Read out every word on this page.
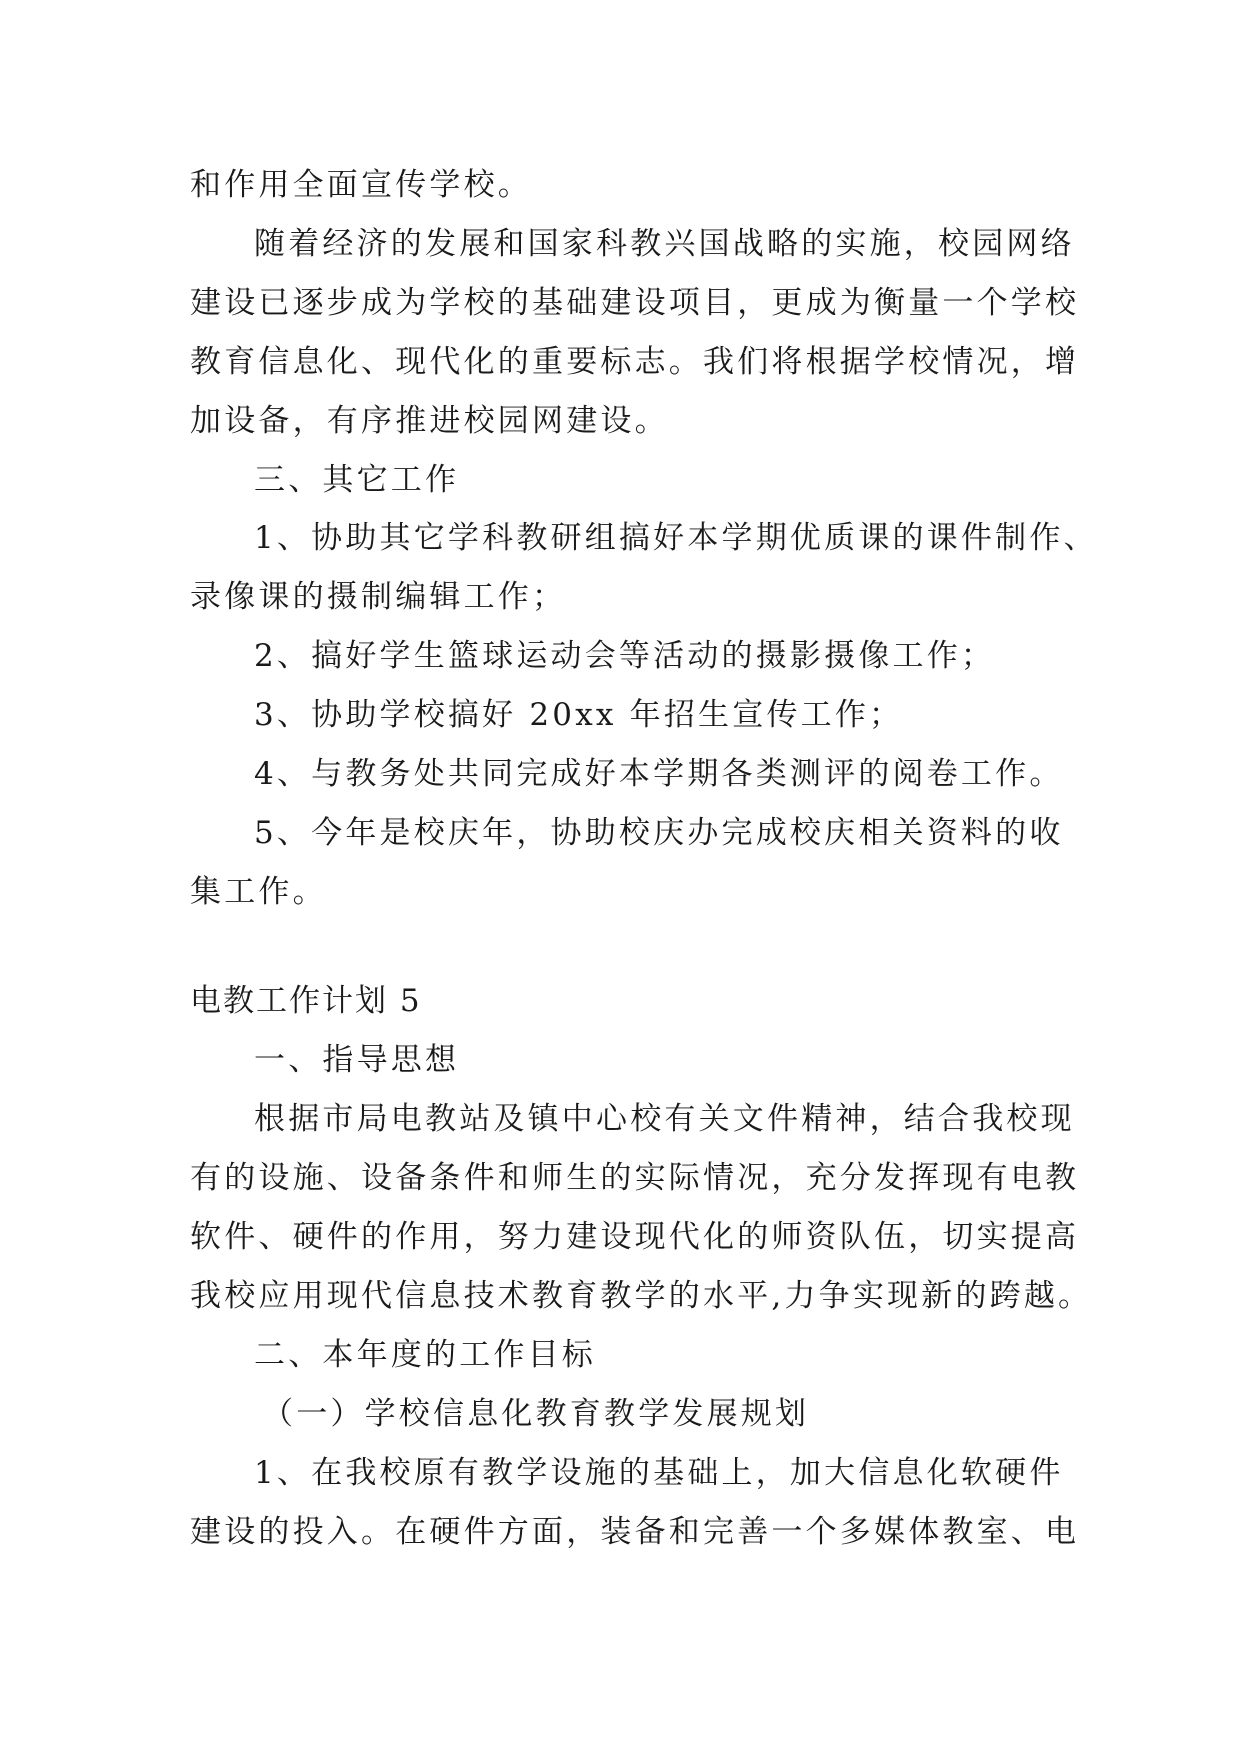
和作用全面宣传学校。

随着经济的发展和国家科教兴国战略的实施，校园网络

建设已逐步成为学校的基础建设项目，更成为衡量一个学校

教育信息化、现代化的重要标志。我们将根据学校情况，增

加设备，有序推进校园网建设。

三、其它工作

1、协助其它学科教研组搞好本学期优质课的课件制作、

录像课的摄制编辑工作；

2、搞好学生篮球运动会等活动的摄影摄像工作；

3、协助学校搞好 20xx 年招生宣传工作；

4、与教务处共同完成好本学期各类测评的阅卷工作。

5、今年是校庆年，协助校庆办完成校庆相关资料的收

集工作。

电教工作计划 5

一、指导思想

根据市局电教站及镇中心校有关文件精神，结合我校现

有的设施、设备条件和师生的实际情况，充分发挥现有电教

软件、硬件的作用，努力建设现代化的师资队伍，切实提高

我校应用现代信息技术教育教学的水平,力争实现新的跨越。

二、本年度的工作目标

（一）学校信息化教育教学发展规划

1、在我校原有教学设施的基础上，加大信息化软硬件

建设的投入。在硬件方面，装备和完善一个多媒体教室、电
